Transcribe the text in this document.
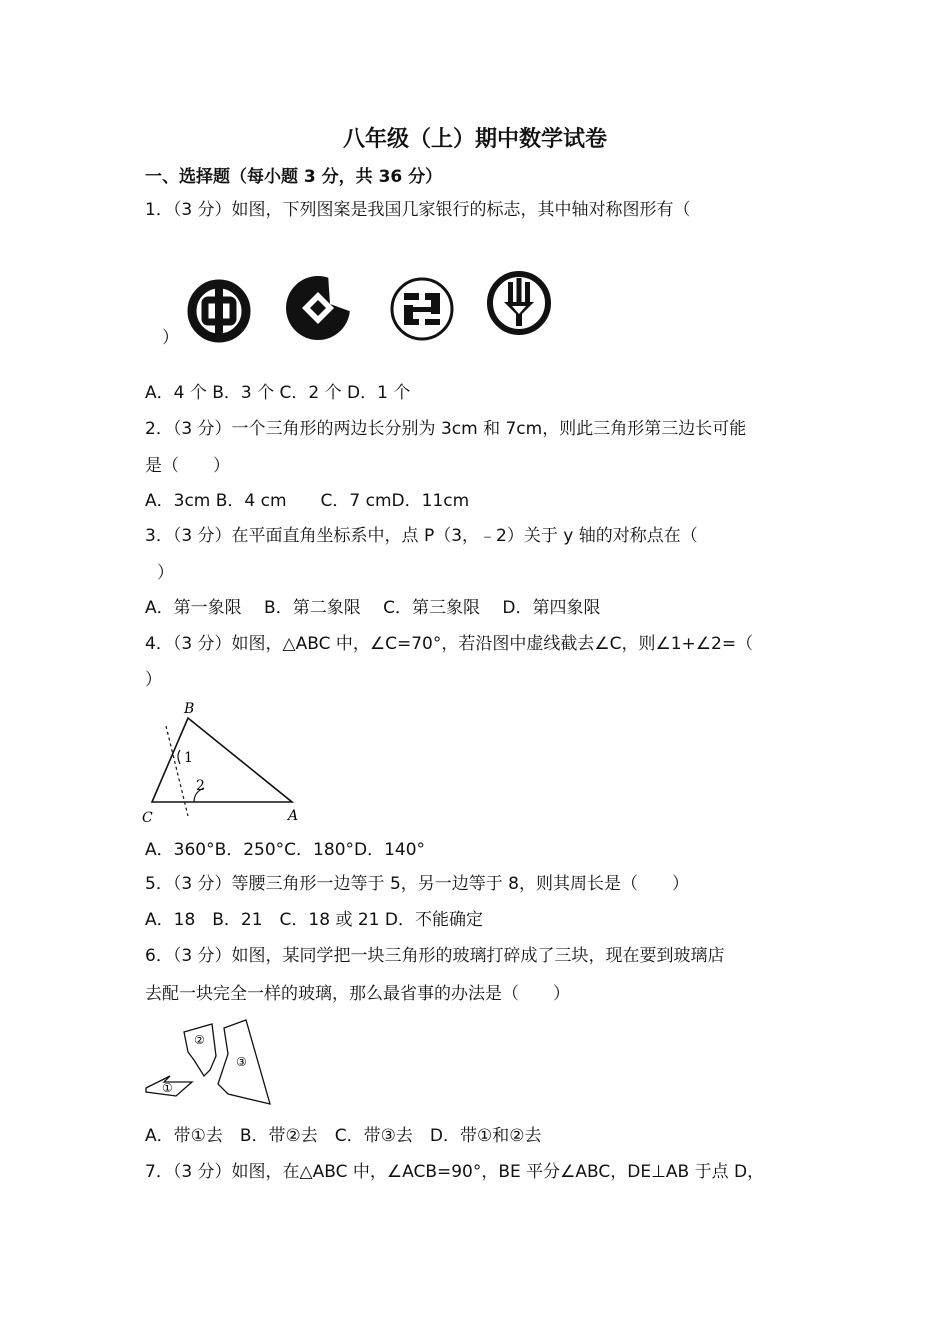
八年级（上）期中数学试卷
一、选择题（每小题 3 分，共 36 分）
1．（3 分）如图，下列图案是我国几家银行的标志，其中轴对称图形有（
）
A．4 个 B．3 个 C．2 个 D．1 个
2．（3 分）一个三角形的两边长分别为 3cm 和 7cm，则此三角形第三边长可能
是（　　）
A．3cm B．4 cm　　C．7 cmD．11cm
3．（3 分）在平面直角坐标系中，点 P（3，﹣2）关于 y 轴的对称点在（
）
A．第一象限　 B．第二象限　 C．第三象限　 D．第四象限
4．（3 分）如图，△ABC 中，∠C=70°，若沿图中虚线截去∠C，则∠1+∠2=（
）
B
C	A
1
2
A．360°B．250°C．180°D．140°
5．（3 分）等腰三角形一边等于 5，另一边等于 8，则其周长是（　　）
A．18　B．21　C．18 或 21 D．不能确定
6．（3 分）如图，某同学把一块三角形的玻璃打碎成了三块，现在要到玻璃店
去配一块完全一样的玻璃，那么最省事的办法是（　　）
①
②
③
A．带①去　B．带②去　C．带③去　D．带①和②去
7．（3 分）如图，在△ABC 中，∠ACB=90°，BE 平分∠ABC，DE⊥AB 于点 D，
